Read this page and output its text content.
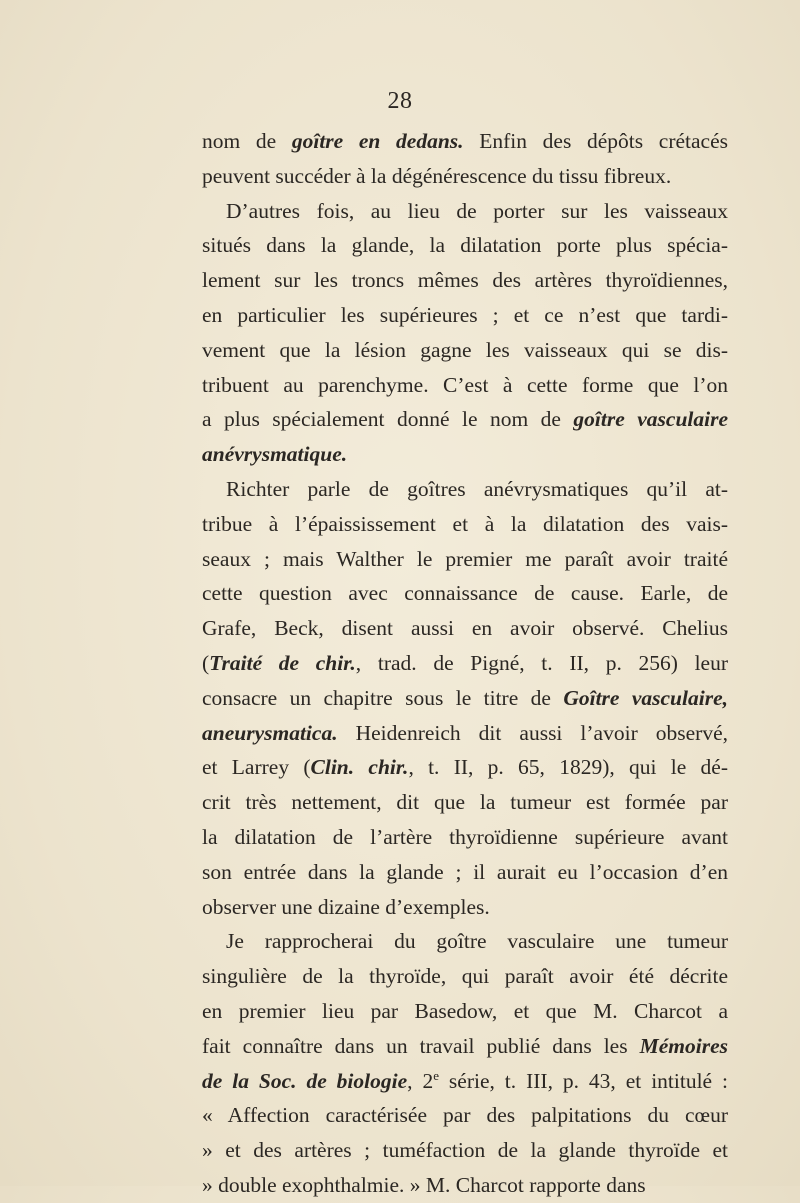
28
nom de goître en dedans. Enfin des dépôts crétacés
peuvent succéder à la dégénérescence du tissu fibreux.
D’autres fois, au lieu de porter sur les vaisseaux
situés dans la glande, la dilatation porte plus spécia-
lement sur les troncs mêmes des artères thyroïdiennes,
en particulier les supérieures ; et ce n’est que tardi-
vement que la lésion gagne les vaisseaux qui se dis-
tribuent au parenchyme. C’est à cette forme que l’on
a plus spécialement donné le nom de goître vasculaire
anévrysmatique.
Richter parle de goîtres anévrysmatiques qu’il at-
tribue à l’épaississement et à la dilatation des vais-
seaux ; mais Walther le premier me paraît avoir traité
cette question avec connaissance de cause. Earle, de
Grafe, Beck, disent aussi en avoir observé. Chelius
(Traité de chir., trad. de Pigné, t. II, p. 256) leur
consacre un chapitre sous le titre de Goître vasculaire,
aneurysmatica. Heidenreich dit aussi l’avoir observé,
et Larrey (Clin. chir., t. II, p. 65, 1829), qui le dé-
crit très nettement, dit que la tumeur est formée par
la dilatation de l’artère thyroïdienne supérieure avant
son entrée dans la glande ; il aurait eu l’occasion d’en
observer une dizaine d’exemples.
Je rapprocherai du goître vasculaire une tumeur
singulière de la thyroïde, qui paraît avoir été décrite
en premier lieu par Basedow, et que M. Charcot a
fait connaître dans un travail publié dans les Mémoires
de la Soc. de biologie, 2e série, t. III, p. 43, et intitulé :
« Affection caractérisée par des palpitations du cœur
» et des artères ; tuméfaction de la glande thyroïde et
» double exophthalmie. » M. Charcot rapporte dans
